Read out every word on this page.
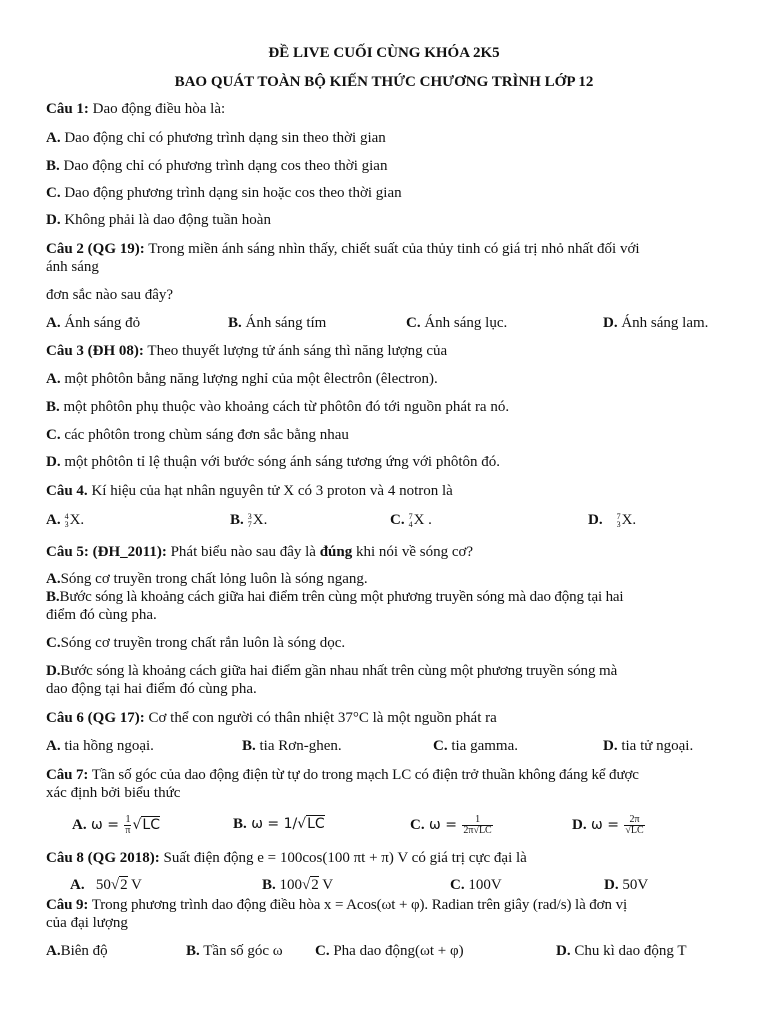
ĐỀ LIVE CUỐI CÙNG KHÓA 2K5
BAO QUÁT TOÀN BỘ KIẾN THỨC CHƯƠNG TRÌNH LỚP 12
Câu 1: Dao động điều hòa là:
A. Dao động chỉ có phương trình dạng sin theo thời gian
B. Dao động chỉ có phương trình dạng cos theo thời gian
C. Dao động phương trình dạng sin hoặc cos theo thời gian
D. Không phải là dao động tuần hoàn
Câu 2 (QG 19): Trong miền ánh sáng nhìn thấy, chiết suất của thủy tinh có giá trị nhỏ nhất đối với
ánh sáng
đơn sắc nào sau đây?
A. Ánh sáng đỏ	B. Ánh sáng tím	C. Ánh sáng lục.	D. Ánh sáng lam.
Câu 3 (ĐH 08): Theo thuyết lượng tử ánh sáng thì năng lượng của
A. một phôtôn bằng năng lượng nghỉ của một êlectrôn (êlectron).
B. một phôtôn phụ thuộc vào khoảng cách từ phôtôn đó tới nguồn phát ra nó.
C. các phôtôn trong chùm sáng đơn sắc bằng nhau
D. một phôtôn tỉ lệ thuận với bước sóng ánh sáng tương ứng với phôtôn đó.
Câu 4. Kí hiệu của hạt nhân nguyên tử X có 3 proton và 4 notron là
A. 4
3 X.	B. 3
7 X.	C. 7
4 X .	D. 7
3 X.
Câu 5: (ĐH_2011): Phát biểu nào sau đây là đúng khi nói về sóng cơ?
A.Sóng cơ truyền trong chất lỏng luôn là sóng ngang.
B.Bước sóng là khoảng cách giữa hai điểm trên cùng một phương truyền sóng mà dao động tại hai
điểm đó cùng pha.
C.Sóng cơ truyền trong chất rắn luôn là sóng dọc.
D.Bước sóng là khoảng cách giữa hai điểm gần nhau nhất trên cùng một phương truyền sóng mà
dao động tại hai điểm đó cùng pha.
Câu 6 (QG 17): Cơ thể con người có thân nhiệt 37°C là một nguồn phát ra
A. tia hồng ngoại.	B. tia Rơn-ghen.	C. tia gamma.	D. tia tử ngoại.
Câu 7: Tần số góc của dao động điện từ tự do trong mạch LC có điện trở thuần không đáng kể được
xác định bởi biểu thức
A. $\omega = \frac{1}{\pi} √LC$	B. ω = 1/√LC	C. $\omega = \frac{1}{2\pi√LC}$	D. $\omega = \frac{2\pi}{√LC}$
Câu 8 (QG 2018): Suất điện động e = 100cos(100 πt + π) V có giá trị cực đại là
A. 50√2 V	B. 100√2 V	C. 100V	D. 50V
Câu 9: Trong phương trình dao động điều hòa x = Acos(ωt + φ). Radian trên giây (rad/s) là đơn vị
của đại lượng
A.Biên độ	B. Tần số góc ω C. Pha dao động(ωt + φ)	D. Chu kì dao động T
